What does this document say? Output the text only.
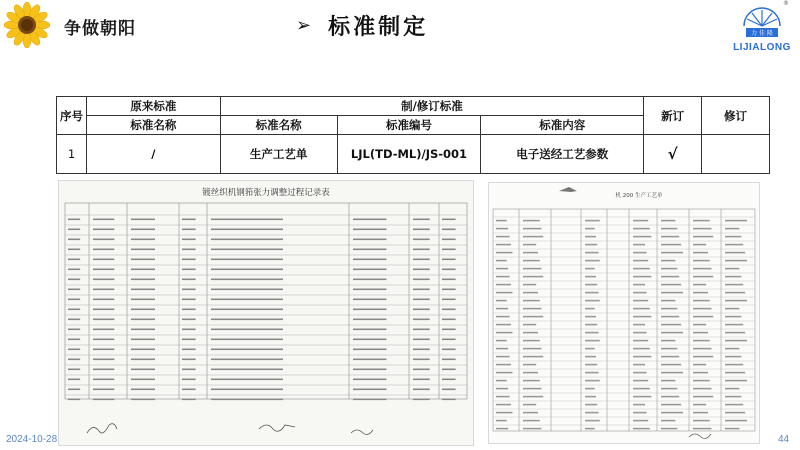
争做朝阳	➢ 标准制定	力 佳 隆
LIJIALONG
®
序号	原来标准	制/修订标准			新订	修订
	标准名称	标准名称	标准编号	标准内容		
1	/	生产工艺单	LJL(TD-ML)/JS-001	电子送经工艺参数	√	
镀丝织机钢筘张力调整过程记录表	机 200 生产工艺单
2024-10-28	44
